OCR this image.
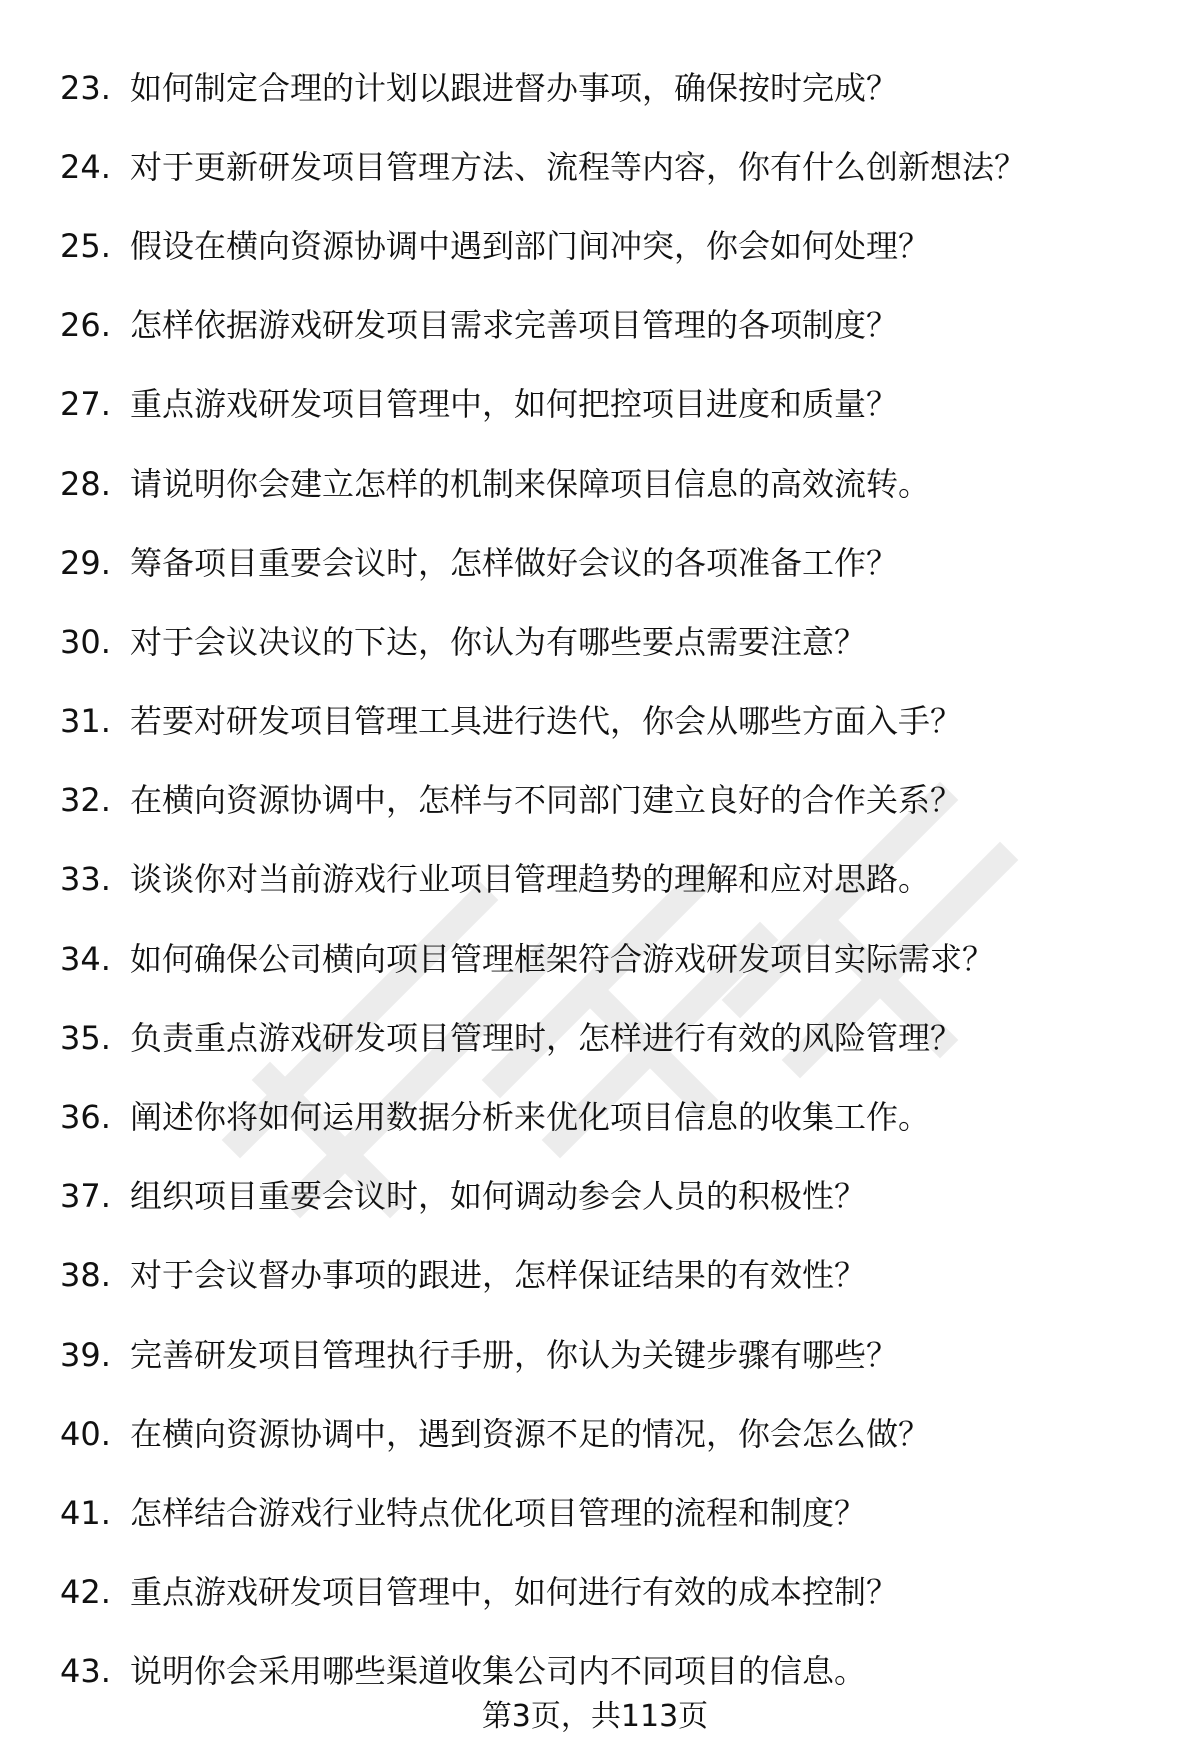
23. 如何制定合理的计划以跟进督办事项，确保按时完成？
24. 对于更新研发项目管理方法、流程等内容，你有什么创新想法？
25. 假设在横向资源协调中遇到部门间冲突，你会如何处理？
26. 怎样依据游戏研发项目需求完善项目管理的各项制度？
27. 重点游戏研发项目管理中，如何把控项目进度和质量？
28. 请说明你会建立怎样的机制来保障项目信息的高效流转。
29. 筹备项目重要会议时，怎样做好会议的各项准备工作？
30. 对于会议决议的下达，你认为有哪些要点需要注意？
31. 若要对研发项目管理工具进行迭代，你会从哪些方面入手？
32. 在横向资源协调中，怎样与不同部门建立良好的合作关系？
33. 谈谈你对当前游戏行业项目管理趋势的理解和应对思路。
34. 如何确保公司横向项目管理框架符合游戏研发项目实际需求？
35. 负责重点游戏研发项目管理时，怎样进行有效的风险管理？
36. 阐述你将如何运用数据分析来优化项目信息的收集工作。
37. 组织项目重要会议时，如何调动参会人员的积极性？
38. 对于会议督办事项的跟进，怎样保证结果的有效性？
39. 完善研发项目管理执行手册，你认为关键步骤有哪些？
40. 在横向资源协调中，遇到资源不足的情况，你会怎么做？
41. 怎样结合游戏行业特点优化项目管理的流程和制度？
42. 重点游戏研发项目管理中，如何进行有效的成本控制？
43. 说明你会采用哪些渠道收集公司内不同项目的信息。
第3页，共113页
